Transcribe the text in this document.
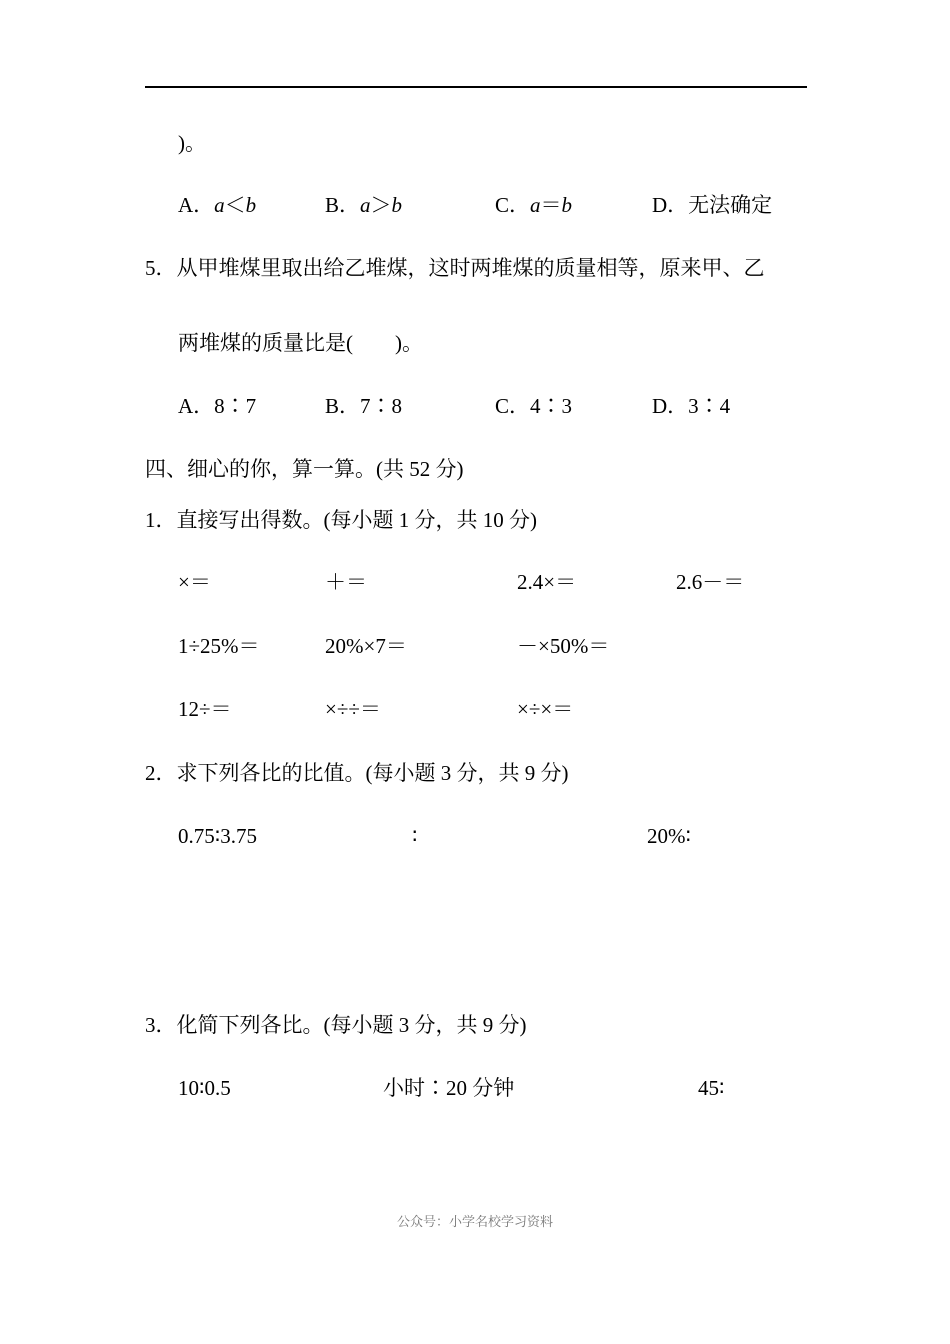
)。
A．a＜b	B．a＞b	C．a＝b	D．无法确定
5．从甲堆煤里取出给乙堆煤，这时两堆煤的质量相等，原来甲、乙
两堆煤的质量比是(　　)。
A．8∶7	B．7∶8	C．4∶3	D．3∶4
四、细心的你，算一算。(共 52 分)
1．直接写出得数。(每小题 1 分，共 10 分)
×＝	＋＝	2.4×＝	2.6－＝
1÷25%＝	20%×7＝	－×50%＝
12÷＝	×÷÷＝	×÷×＝
2．求下列各比的比值。(每小题 3 分，共 9 分)
0.75∶3.75	∶	20%∶
3．化简下列各比。(每小题 3 分，共 9 分)
10∶0.5	小时∶20 分钟	45∶
公众号：小学名校学习资料
